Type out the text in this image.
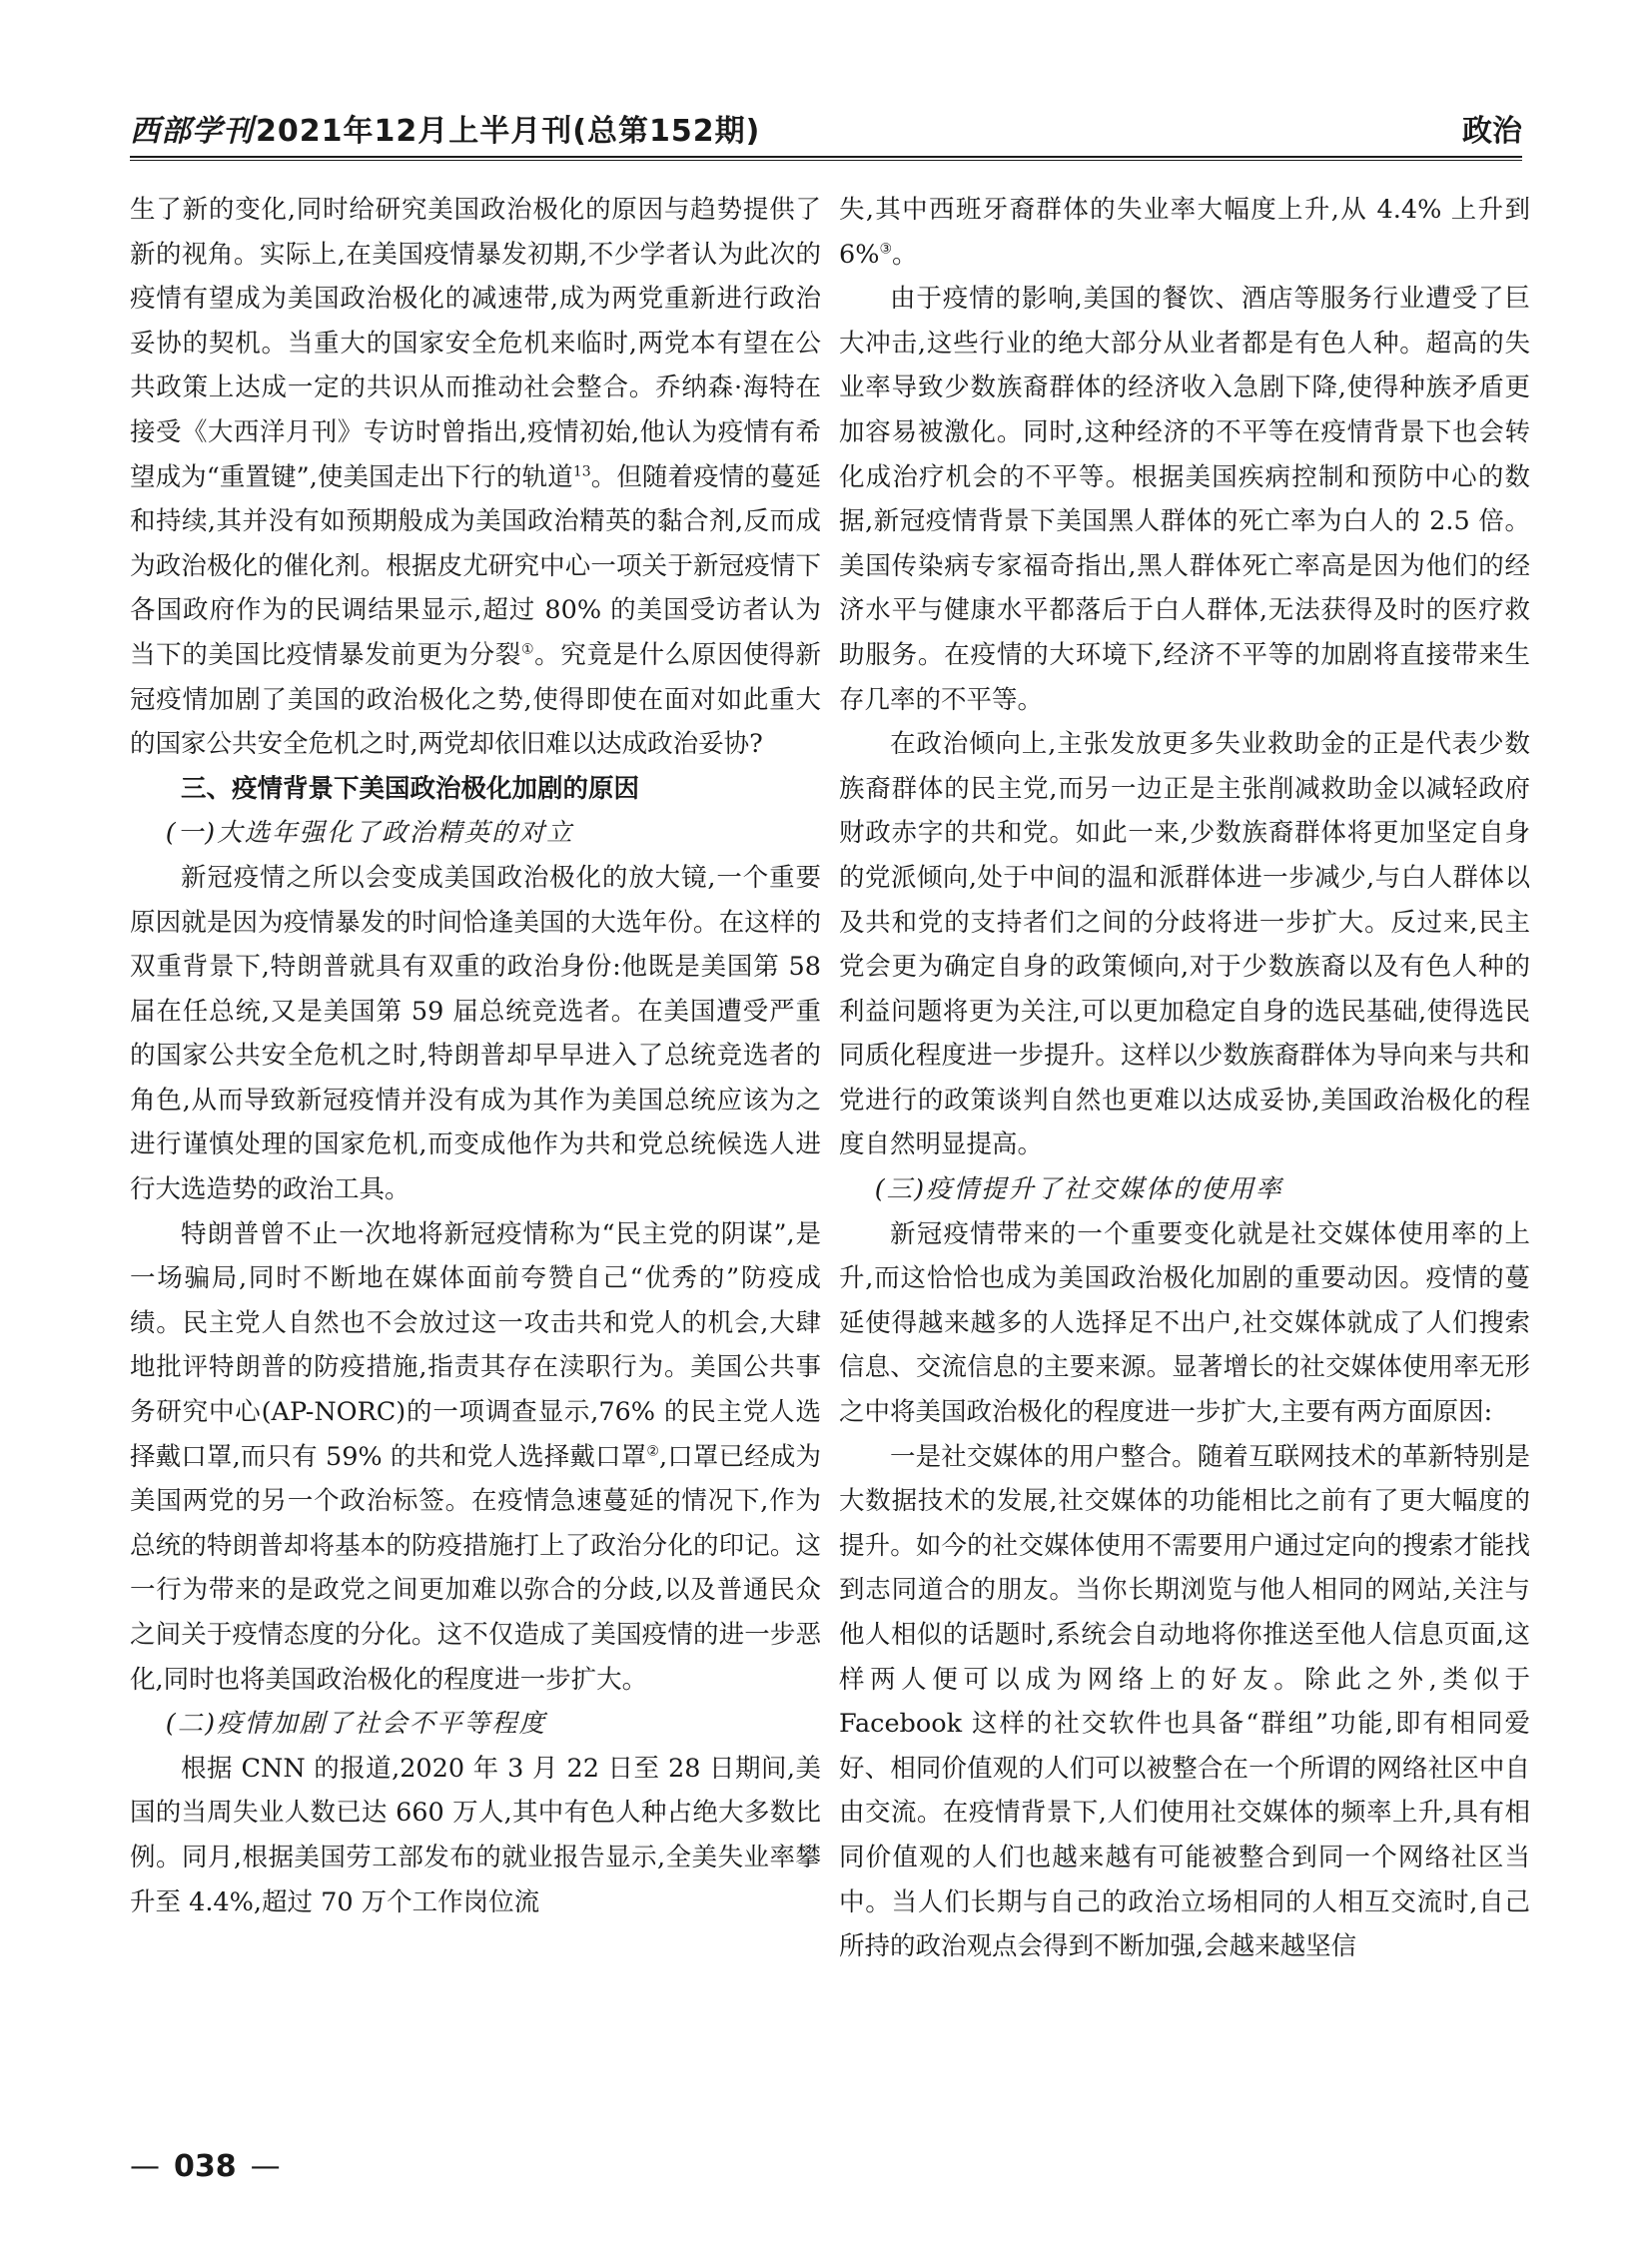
西部学刊2021年12月上半月刊(总第152期)	政治

生了新的变化,同时给研究美国政治极化的原因与趋势提供了新的视角。实际上,在美国疫情暴发初期,不少学者认为此次的疫情有望成为美国政治极化的减速带,成为两党重新进行政治妥协的契机。当重大的国家安全危机来临时,两党本有望在公共政策上达成一定的共识从而推动社会整合。乔纳森·海特在接受《大西洋月刊》专访时曾指出,疫情初始,他认为疫情有希望成为“重置键”,使美国走出下行的轨道$^{13}$。但随着疫情的蔓延和持续,其并没有如预期般成为美国政治精英的黏合剂,反而成为政治极化的催化剂。根据皮尤研究中心一项关于新冠疫情下各国政府作为的民调结果显示,超过 80% 的美国受访者认为当下的美国比疫情暴发前更为分裂①。究竟是什么原因使得新冠疫情加剧了美国的政治极化之势,使得即使在面对如此重大的国家公共安全危机之时,两党却依旧难以达成政治妥协?

三、疫情背景下美国政治极化加剧的原因
(一)大选年强化了政治精英的对立

新冠疫情之所以会变成美国政治极化的放大镜,一个重要原因就是因为疫情暴发的时间恰逢美国的大选年份。在这样的双重背景下,特朗普就具有双重的政治身份:他既是美国第 58 届在任总统,又是美国第 59 届总统竞选者。在美国遭受严重的国家公共安全危机之时,特朗普却早早进入了总统竞选者的角色,从而导致新冠疫情并没有成为其作为美国总统应该为之进行谨慎处理的国家危机,而变成他作为共和党总统候选人进行大选造势的政治工具。

特朗普曾不止一次地将新冠疫情称为“民主党的阴谋”,是一场骗局,同时不断地在媒体面前夸赞自己“优秀的”防疫成绩。民主党人自然也不会放过这一攻击共和党人的机会,大肆地批评特朗普的防疫措施,指责其存在渎职行为。美国公共事务研究中心(AP-NORC)的一项调查显示,76% 的民主党人选择戴口罩,而只有 59% 的共和党人选择戴口罩②,口罩已经成为美国两党的另一个政治标签。在疫情急速蔓延的情况下,作为总统的特朗普却将基本的防疫措施打上了政治分化的印记。这一行为带来的是政党之间更加难以弥合的分歧,以及普通民众之间关于疫情态度的分化。这不仅造成了美国疫情的进一步恶化,同时也将美国政治极化的程度进一步扩大。

(二)疫情加剧了社会不平等程度

根据 CNN 的报道,2020 年 3 月 22 日至 28 日期间,美国的当周失业人数已达 660 万人,其中有色人种占绝大多数比例。同月,根据美国劳工部发布的就业报告显示,全美失业率攀升至 4.4%,超过 70 万个工作岗位流

失,其中西班牙裔群体的失业率大幅度上升,从 4.4% 上升到 6%③。

由于疫情的影响,美国的餐饮、酒店等服务行业遭受了巨大冲击,这些行业的绝大部分从业者都是有色人种。超高的失业率导致少数族裔群体的经济收入急剧下降,使得种族矛盾更加容易被激化。同时,这种经济的不平等在疫情背景下也会转化成治疗机会的不平等。根据美国疾病控制和预防中心的数据,新冠疫情背景下美国黑人群体的死亡率为白人的 2.5 倍。美国传染病专家福奇指出,黑人群体死亡率高是因为他们的经济水平与健康水平都落后于白人群体,无法获得及时的医疗救助服务。在疫情的大环境下,经济不平等的加剧将直接带来生存几率的不平等。

在政治倾向上,主张发放更多失业救助金的正是代表少数族裔群体的民主党,而另一边正是主张削减救助金以减轻政府财政赤字的共和党。如此一来,少数族裔群体将更加坚定自身的党派倾向,处于中间的温和派群体进一步减少,与白人群体以及共和党的支持者们之间的分歧将进一步扩大。反过来,民主党会更为确定自身的政策倾向,对于少数族裔以及有色人种的利益问题将更为关注,可以更加稳定自身的选民基础,使得选民同质化程度进一步提升。这样以少数族裔群体为导向来与共和党进行的政策谈判自然也更难以达成妥协,美国政治极化的程度自然明显提高。

(三)疫情提升了社交媒体的使用率

新冠疫情带来的一个重要变化就是社交媒体使用率的上升,而这恰恰也成为美国政治极化加剧的重要动因。疫情的蔓延使得越来越多的人选择足不出户,社交媒体就成了人们搜索信息、交流信息的主要来源。显著增长的社交媒体使用率无形之中将美国政治极化的程度进一步扩大,主要有两方面原因:

一是社交媒体的用户整合。随着互联网技术的革新特别是大数据技术的发展,社交媒体的功能相比之前有了更大幅度的提升。如今的社交媒体使用不需要用户通过定向的搜索才能找到志同道合的朋友。当你长期浏览与他人相同的网站,关注与他人相似的话题时,系统会自动地将你推送至他人信息页面,这样两人便可以成为网络上的好友。除此之外,类似于 Facebook 这样的社交软件也具备“群组”功能,即有相同爱好、相同价值观的人们可以被整合在一个所谓的网络社区中自由交流。在疫情背景下,人们使用社交媒体的频率上升,具有相同价值观的人们也越来越有可能被整合到同一个网络社区当中。当人们长期与自己的政治立场相同的人相互交流时,自己所持的政治观点会得到不断加强,会越来越坚信

— 038 —
